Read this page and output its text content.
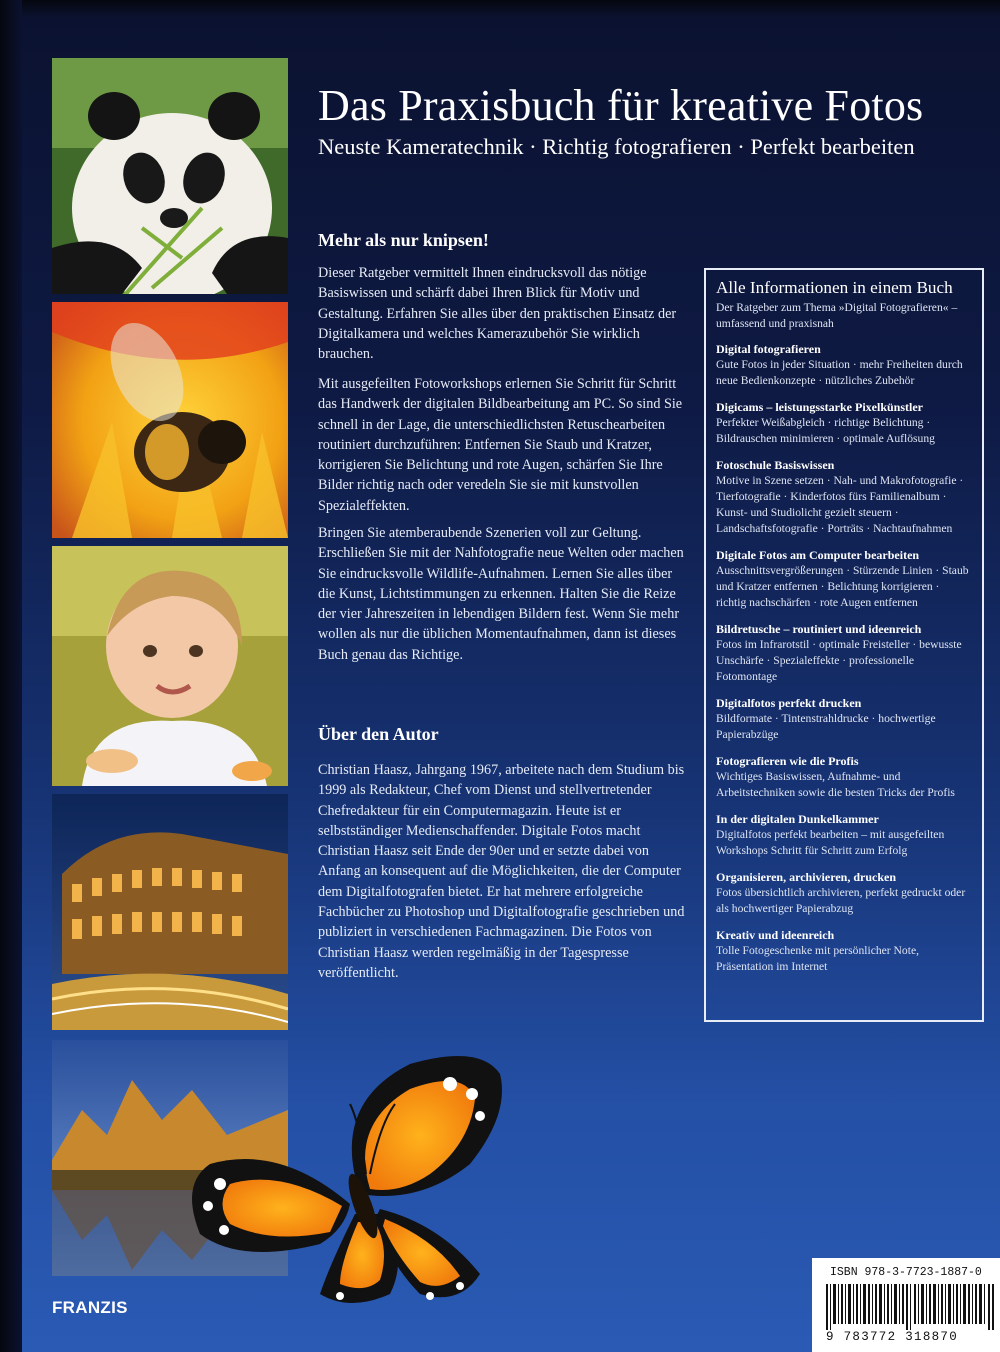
Das Praxisbuch für kreative Fotos
Neuste Kameratechnik · Richtig fotografieren · Perfekt bearbeiten
Mehr als nur knipsen!

Dieser Ratgeber vermittelt Ihnen eindrucksvoll das nötige Basiswissen und schärft dabei Ihren Blick für Motiv und Gestaltung. Erfahren Sie alles über den praktischen Einsatz der Digitalkamera und welches Kamerazubehör Sie wirklich brauchen.

Mit ausgefeilten Fotoworkshops erlernen Sie Schritt für Schritt das Handwerk der digitalen Bildbearbeitung am PC. So sind Sie schnell in der Lage, die unterschiedlichsten Retuschearbeiten routiniert durchzuführen: Entfernen Sie Staub und Kratzer, korrigieren Sie Belichtung und rote Augen, schärfen Sie Ihre Bilder richtig nach oder veredeln Sie sie mit kunstvollen Spezialeffekten.

Bringen Sie atemberaubende Szenerien voll zur Geltung. Erschließen Sie mit der Nahfotografie neue Welten oder machen Sie eindrucksvolle Wildlife-Aufnahmen. Lernen Sie alles über die Kunst, Lichtstimmungen zu erkennen. Halten Sie die Reize der vier Jahreszeiten in lebendigen Bildern fest. Wenn Sie mehr wollen als nur die üblichen Momentaufnahmen, dann ist dieses Buch genau das Richtige.

Über den Autor

Christian Haasz, Jahrgang 1967, arbeitete nach dem Studium bis 1999 als Redakteur, Chef vom Dienst und stellvertretender Chefredakteur für ein Computermagazin. Heute ist er selbstständiger Medienschaffender. Digitale Fotos macht Christian Haasz seit Ende der 90er und er setzte dabei von Anfang an konsequent auf die Möglichkeiten, die der Computer dem Digitalfotografen bietet. Er hat mehrere erfolgreiche Fachbücher zu Photoshop und Digitalfotografie geschrieben und publiziert in verschiedenen Fachmagazinen. Die Fotos von Christian Haasz werden regelmäßig in der Tagespresse veröffentlicht.

Alle Informationen in einem Buch
Der Ratgeber zum Thema »Digital Fotografieren« – umfassend und praxisnah
Digital fotografieren
Gute Fotos in jeder Situation · mehr Freiheiten durch neue Bedienkonzepte · nützliches Zubehör
Digicams – leistungsstarke Pixelkünstler
Perfekter Weißabgleich · richtige Belichtung · Bildrauschen minimieren · optimale Auflösung
Fotoschule Basiswissen
Motive in Szene setzen · Nah- und Makrofotografie · Tierfotografie · Kinderfotos fürs Familienalbum · Kunst- und Studiolicht gezielt steuern · Landschaftsfotografie · Porträts · Nachtaufnahmen
Digitale Fotos am Computer bearbeiten
Ausschnittsvergrößerungen · Stürzende Linien · Staub und Kratzer entfernen · Belichtung korrigieren · richtig nachschärfen · rote Augen entfernen
Bildretusche – routiniert und ideenreich
Fotos im Infrarotstil · optimale Freisteller · bewusste Unschärfe · Spezialeffekte · professionelle Fotomontage
Digitalfotos perfekt drucken
Bildformate · Tintenstrahldrucke · hochwertige Papierabzüge
Fotografieren wie die Profis
Wichtiges Basiswissen, Aufnahme- und Arbeitstechniken sowie die besten Tricks der Profis
In der digitalen Dunkelkammer
Digitalfotos perfekt bearbeiten – mit ausgefeilten Workshops Schritt für Schritt zum Erfolg
Organisieren, archivieren, drucken
Fotos übersichtlich archivieren, perfekt gedruckt oder als hochwertiger Papierabzug
Kreativ und ideenreich
Tolle Fotogeschenke mit persönlicher Note, Präsentation im Internet
FRANZIS
ISBN 978-3-7723-1887-0
9 783772 318870
